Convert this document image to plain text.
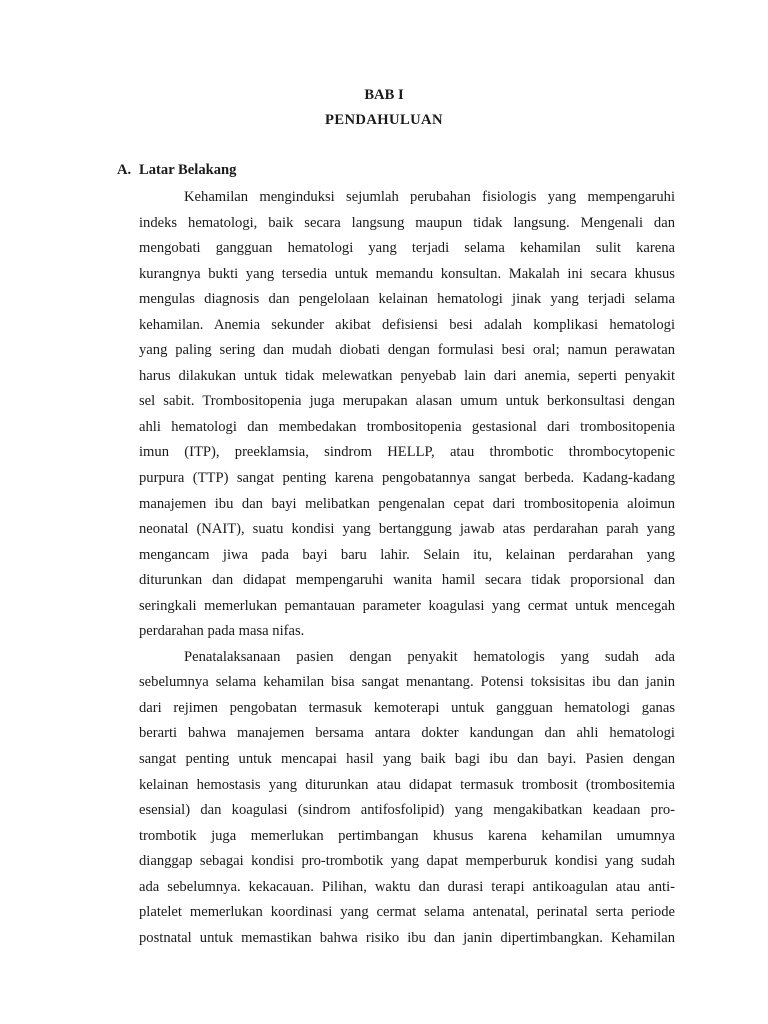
BAB I
PENDAHULUAN
A. Latar Belakang
Kehamilan menginduksi sejumlah perubahan fisiologis yang mempengaruhi
indeks hematologi, baik secara langsung maupun tidak langsung. Mengenali dan
mengobati gangguan hematologi yang terjadi selama kehamilan sulit karena
kurangnya bukti yang tersedia untuk memandu konsultan. Makalah ini secara khusus
mengulas diagnosis dan pengelolaan kelainan hematologi jinak yang terjadi selama
kehamilan. Anemia sekunder akibat defisiensi besi adalah komplikasi hematologi
yang paling sering dan mudah diobati dengan formulasi besi oral; namun perawatan
harus dilakukan untuk tidak melewatkan penyebab lain dari anemia, seperti penyakit
sel sabit. Trombositopenia juga merupakan alasan umum untuk berkonsultasi dengan
ahli hematologi dan membedakan trombositopenia gestasional dari trombositopenia
imun (ITP), preeklamsia, sindrom HELLP, atau thrombotic thrombocytopenic
purpura (TTP) sangat penting karena pengobatannya sangat berbeda. Kadang-kadang
manajemen ibu dan bayi melibatkan pengenalan cepat dari trombositopenia aloimun
neonatal (NAIT), suatu kondisi yang bertanggung jawab atas perdarahan parah yang
mengancam jiwa pada bayi baru lahir. Selain itu, kelainan perdarahan yang
diturunkan dan didapat mempengaruhi wanita hamil secara tidak proporsional dan
seringkali memerlukan pemantauan parameter koagulasi yang cermat untuk mencegah
perdarahan pada masa nifas.
Penatalaksanaan pasien dengan penyakit hematologis yang sudah ada
sebelumnya selama kehamilan bisa sangat menantang. Potensi toksisitas ibu dan janin
dari rejimen pengobatan termasuk kemoterapi untuk gangguan hematologi ganas
berarti bahwa manajemen bersama antara dokter kandungan dan ahli hematologi
sangat penting untuk mencapai hasil yang baik bagi ibu dan bayi. Pasien dengan
kelainan hemostasis yang diturunkan atau didapat termasuk trombosit (trombositemia
esensial) dan koagulasi (sindrom antifosfolipid) yang mengakibatkan keadaan pro-
trombotik juga memerlukan pertimbangan khusus karena kehamilan umumnya
dianggap sebagai kondisi pro-trombotik yang dapat memperburuk kondisi yang sudah
ada sebelumnya. kekacauan. Pilihan, waktu dan durasi terapi antikoagulan atau anti-
platelet memerlukan koordinasi yang cermat selama antenatal, perinatal serta periode
postnatal untuk memastikan bahwa risiko ibu dan janin dipertimbangkan. Kehamilan
